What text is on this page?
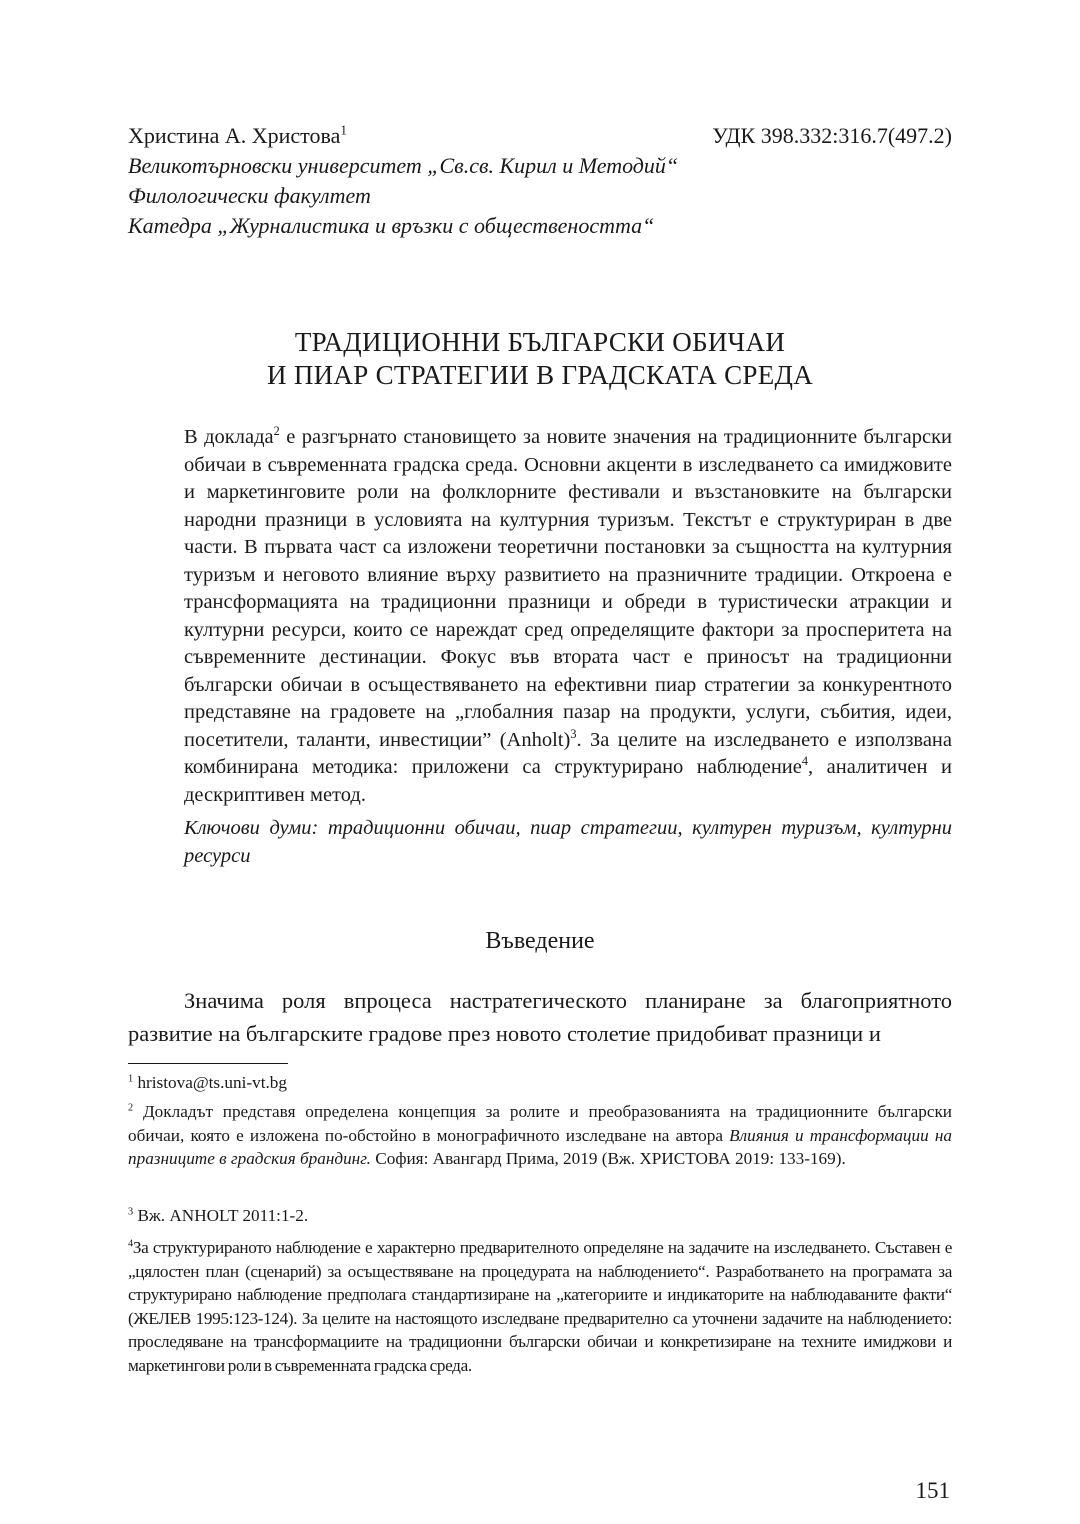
Христина А. Христова$^1$	УДК 398.332:316.7(497.2)

Великотърновски университет „Св.св. Кирил и Методий“

Филологически факултет

Катедра „Журналистика и връзки с обществеността“

ТРАДИЦИОННИ БЪЛГАРСКИ ОБИЧАИ
И ПИАР СТРАТЕГИИ В ГРАДСКАТА СРЕДА

В доклада$^2$ е разгърнато становището за новите значения на традиционните български обичаи в съвременната градска среда. Основни акценти в изследването са имиджовите и маркетинговите роли на фолклорните фестивали и възстановките на български народни празници в условията на културния туризъм. Текстът е структуриран в две части. В първата част са изложени теоретични постановки за същността на културния туризъм и неговото влияние върху развитието на празничните традиции. Откроена е трансформацията на традиционни празници и обреди в туристически атракции и културни ресурси, които се нареждат сред определящите фактори за просперитета на съвременните дестинации. Фокус във втората част е приносът на традиционни български обичаи в осъществяването на ефективни пиар стратегии за конкурентното представяне на градовете на „глобалния пазар на продукти, услуги, събития, идеи, посетители, таланти, инвестиции” (Anholt)$^3$. За целите на изследването е използвана комбинирана методика: приложени са структурирано наблюдение$^4$, аналитичен и дескриптивен метод.

Ключови думи: традиционни обичаи, пиар стратегии, културен туризъм, културни ресурси

Въведение

Значима роля впроцеса настратегическото планиране за благоприятното развитие на българските градове през новото столетие придобиват празници и

$^1$ hristova@ts.uni-vt.bg

$^2$ Докладът представя определена концепция за ролите и преобразованията на традиционните български обичаи, която е изложена по-обстойно в монографичното изследване на автора Влияния и трансформации на празниците в градския брандинг. София: Авангард Прима, 2019 (Вж. ХРИСТОВА 2019: 133-169).

$^3$ Вж. ANHOLT 2011:1-2.

$^4$За структурираното наблюдение е характерно предварителното определяне на задачите на изследването. Съставен е „цялостен план (сценарий) за осъществяване на процедурата на наблюдението“. Разработването на програмата за структурирано наблюдение предполага стандартизиране на „категориите и индикаторите на наблюдаваните факти“ (ЖЕЛЕВ 1995:123-124). За целите на настоящото изследване предварително са уточнени задачите на наблюдението: проследяване на трансформациите на традиционни български обичаи и конкретизиране на техните имиджови и маркетингови роли в съвременната градска среда.

151
